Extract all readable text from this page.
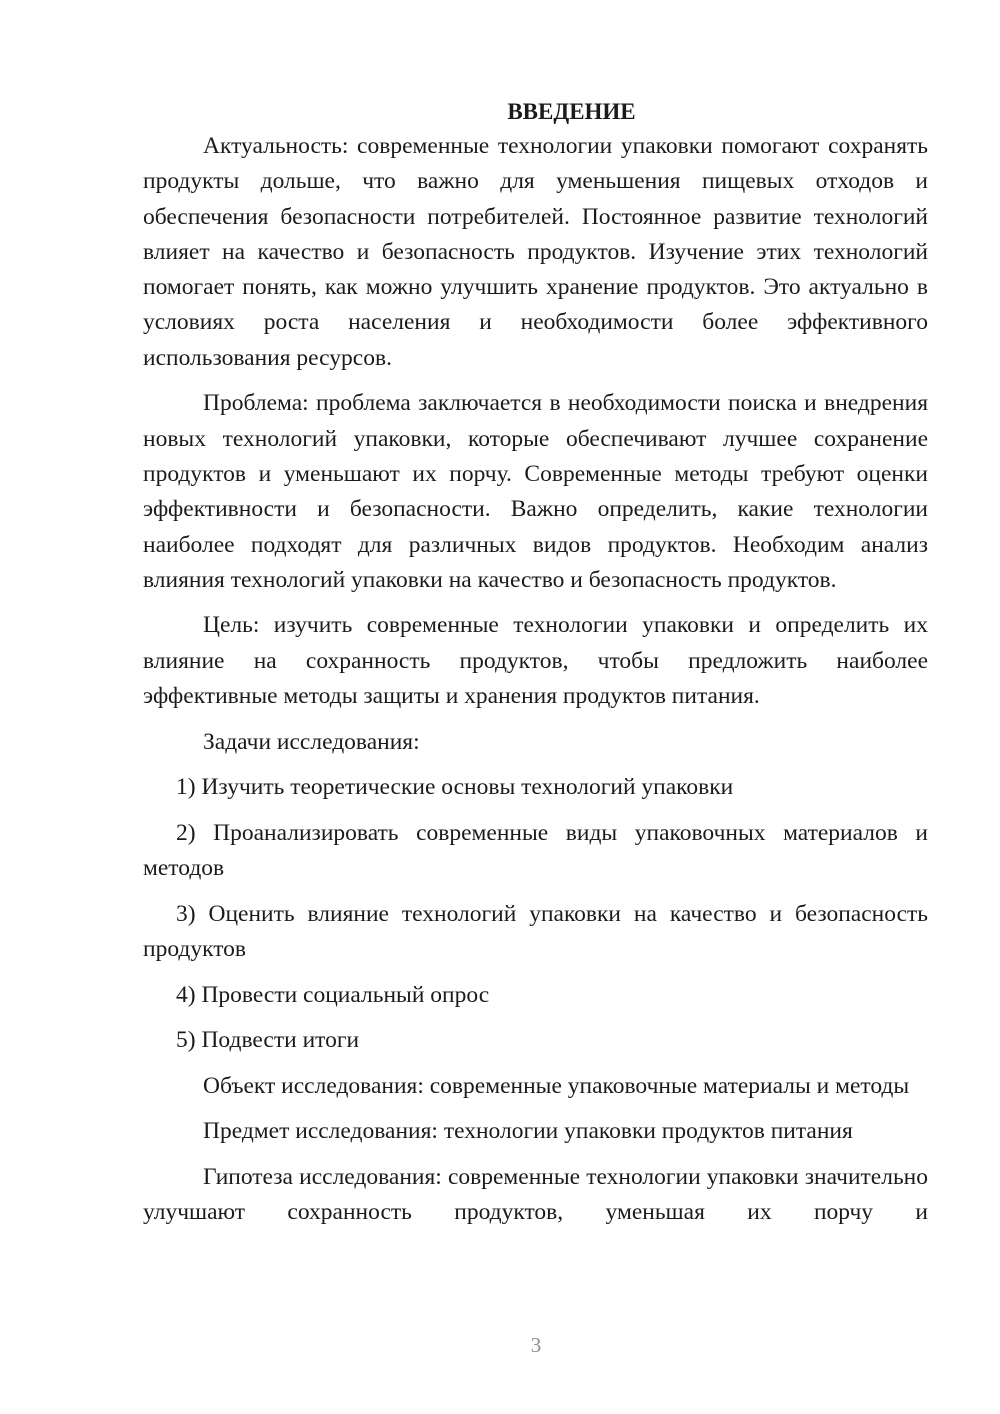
ВВЕДЕНИЕ

Актуальность: современные технологии упаковки помогают сохранять продукты дольше, что важно для уменьшения пищевых отходов и обеспечения безопасности потребителей. Постоянное развитие технологий влияет на качество и безопасность продуктов. Изучение этих технологий помогает понять, как можно улучшить хранение продуктов. Это актуально в условиях роста населения и необходимости более эффективного использования ресурсов.

Проблема: проблема заключается в необходимости поиска и внедрения новых технологий упаковки, которые обеспечивают лучшее сохранение продуктов и уменьшают их порчу. Современные методы требуют оценки эффективности и безопасности. Важно определить, какие технологии наиболее подходят для различных видов продуктов. Необходим анализ влияния технологий упаковки на качество и безопасность продуктов.

Цель: изучить современные технологии упаковки и определить их влияние на сохранность продуктов, чтобы предложить наиболее эффективные методы защиты и хранения продуктов питания.

Задачи исследования:

1) Изучить теоретические основы технологий упаковки

2) Проанализировать современные виды упаковочных материалов и методов

3) Оценить влияние технологий упаковки на качество и безопасность продуктов

4) Провести социальный опрос

5) Подвести итоги

Объект исследования: современные упаковочные материалы и методы

Предмет исследования: технологии упаковки продуктов питания

Гипотеза исследования: современные технологии упаковки значительно улучшают сохранность продуктов, уменьшая их порчу и

3
